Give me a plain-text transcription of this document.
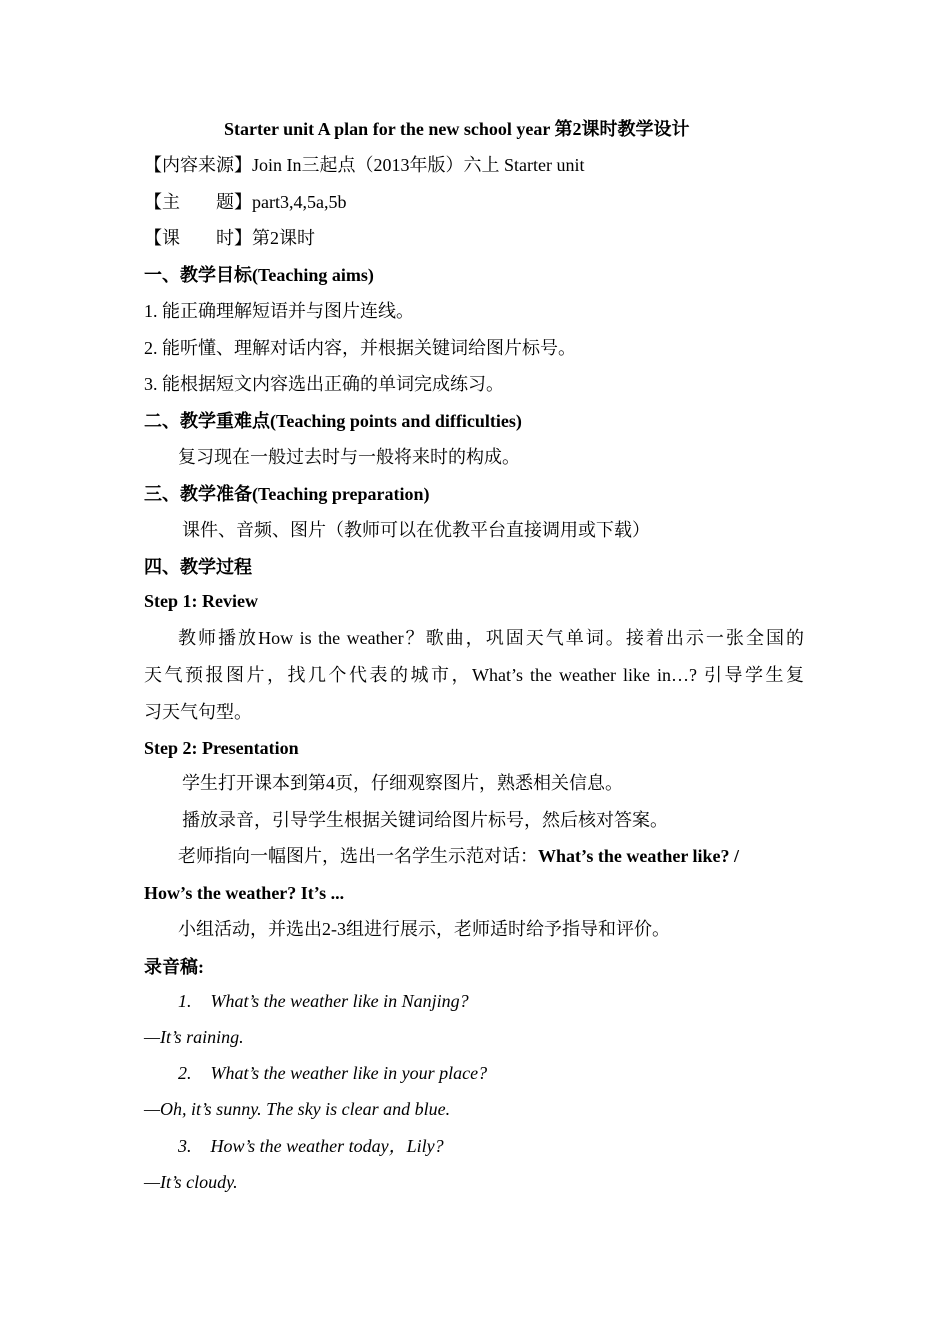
Starter unit A plan for the new school year 第2课时教学设计
【内容来源】Join In三起点（2013年版）六上 Starter unit
【主　　题】part3,4,5a,5b
【课　　时】第2课时
一、教学目标(Teaching aims)
1. 能正确理解短语并与图片连线。
2. 能听懂、理解对话内容，并根据关键词给图片标号。
3. 能根据短文内容选出正确的单词完成练习。
二、教学重难点(Teaching points and difficulties)
复习现在一般过去时与一般将来时的构成。
三、教学准备(Teaching preparation)
课件、音频、图片（教师可以在优教平台直接调用或下载）
四、教学过程
Step 1: Review
教师播放How is the weather？歌曲，巩固天气单词。接着出示一张全国的
天气预报图片，找几个代表的城市，What’s the weather like in…? 引导学生复
习天气句型。
Step 2: Presentation
学生打开课本到第4页，仔细观察图片，熟悉相关信息。
播放录音，引导学生根据关键词给图片标号，然后核对答案。
老师指向一幅图片，选出一名学生示范对话：What’s the weather like? /
How’s the weather? It’s ...
小组活动，并选出2-3组进行展示，老师适时给予指导和评价。
录音稿:
1. What’s the weather like in Nanjing?
—It’s raining.
2. What’s the weather like in your place?
—Oh, it’s sunny. The sky is clear and blue.
3. How’s the weather today，Lily?
—It’s cloudy.
